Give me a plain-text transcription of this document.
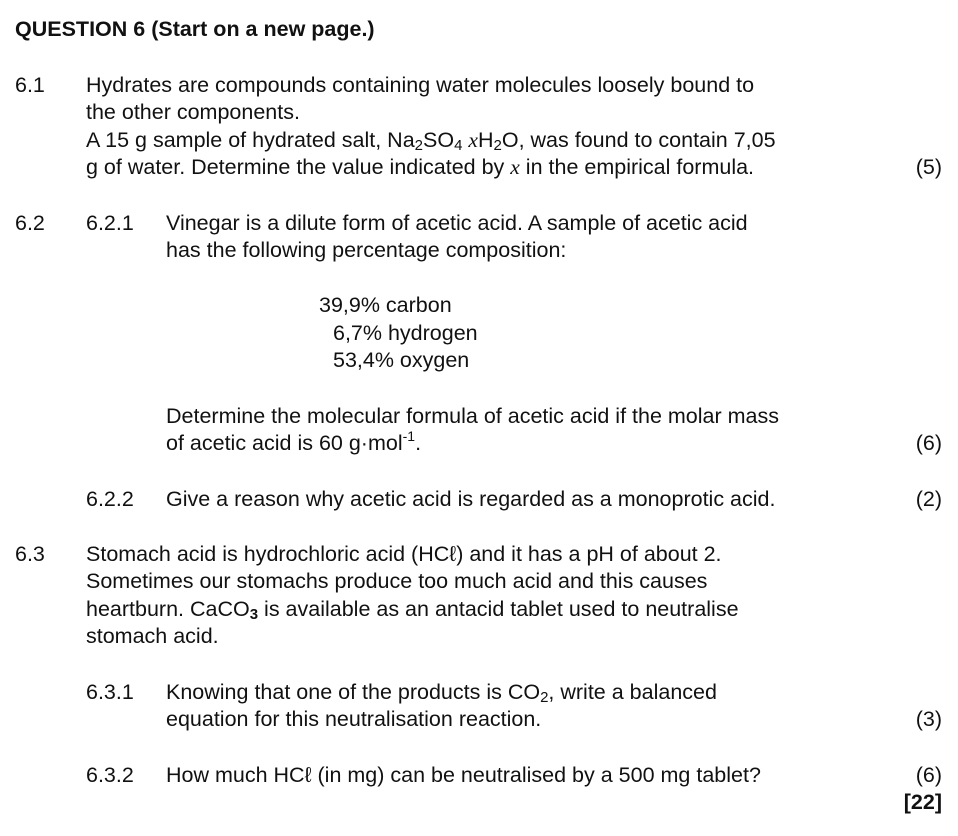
QUESTION 6 (Start on a new page.)
6.1 Hydrates are compounds containing water molecules loosely bound to
the other components.
A 15 g sample of hydrated salt, $Na_2SO_4$ $xH_2O$, was found to contain 7,05
g of water. Determine the value indicated by x in the empirical formula.	(5)
6.2 6.2.1 Vinegar is a dilute form of acetic acid. A sample of acetic acid
has the following percentage composition:
39,9% carbon
6,7% hydrogen
53,4% oxygen
Determine the molecular formula of acetic acid if the molar mass
of acetic acid is 60 g·mol$^{-1}$.	(6)
6.2.2 Give a reason why acetic acid is regarded as a monoprotic acid.	(2)
6.3 Stomach acid is hydrochloric acid (HCℓ) and it has a pH of about 2.
Sometimes our stomachs produce too much acid and this causes
heartburn. CaCO$_3$ is available as an antacid tablet used to neutralise
stomach acid.
6.3.1 Knowing that one of the products is $CO_2$, write a balanced
equation for this neutralisation reaction.	(3)
6.3.2 How much HCℓ (in mg) can be neutralised by a 500 mg tablet?	(6)
[22]
